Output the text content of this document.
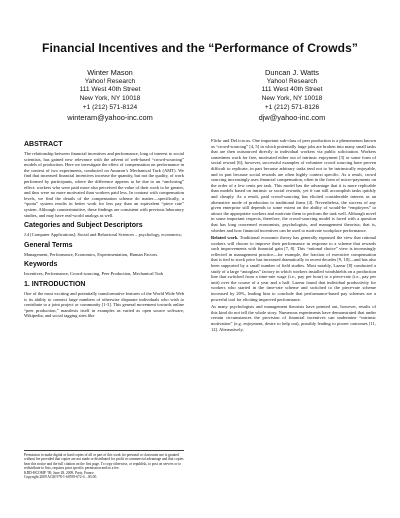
Financial Incentives and the “Performance of Crowds”
Winter Mason
Yahoo! Research
111 West 40th Street
New York, NY 10018
+1 (212) 571-8124
winteram@yahoo-inc.com
Duncan J. Watts
Yahoo! Research
111 West 40th Street
New York, NY 10018
+1 (212) 571-8126
djw@yahoo-inc.com
ABSTRACT
The relationship between financial incentives and performance, long of interest to social scientists, has gained new relevance with the advent of web-based “crowd-sourcing” models of production. Here we investigate the effect of compensation on performance in the context of two experiments, conducted on Amazon’s Mechanical Turk (AMT). We find that increased financial incentives increase the quantity, but not the quality, of work performed by participants, where the difference appears to be due to an “anchoring” effect: workers who were paid more also perceived the value of their work to be greater, and thus were no more motivated than workers paid less. In contrast with compensation levels, we find the details of the compensation scheme do matter—specifically, a “quota” system results in better work for less pay than an equivalent “piece rate” system. Although counterintuitive, these findings are consistent with previous laboratory studies, and may have real-world analogs as well.
Categories and Subject Descriptors
J.4 [Computer Applications]: Social and Behavioral Sciences – psychology, economics;
General Terms
Management, Performance, Economics, Experimentation, Human Factors.
Keywords
Incentives, Performance, Crowd-sourcing, Peer Production, Mechanical Turk
1. INTRODUCTION
One of the most exciting and potentially transformative features of the World Wide Web is its ability to connect large numbers of otherwise disparate individuals who wish to contribute to a joint project or community [1-3]. This general movement towards online “peer production,” manifests itself in examples as varied as open source software, Wikipedia, and social tagging sites like
Permission to make digital or hard copies of all or part of this work for personal or classroom use is granted without fee provided that copies are not made or distributed for profit or commercial advantage and that copies bear this notice and the full citation on the first page. To copy otherwise, or republish, to post on servers or to redistribute to lists, requires prior specific permission and/or a fee.
KDD-HCOMP ’09, June 28, 2009, Paris, France.
Copyright 2009 ACM 978-1-60558-672-4…$5.00.
Flickr and Del.icio.us. One important sub-class of peer production is a phenomenon known as “crowd-sourcing” [4, 5] in which potentially large jobs are broken into many small tasks that are then outsourced directly to individual workers via public solicitation. Workers sometimes work for free, motivated either out of intrinsic enjoyment [3] or some form of social reward [6]; however, successful examples of volunteer crowd sourcing have proven difficult to replicate, in part because arbitrary tasks tend not to be intrinsically enjoyable, and in part because social rewards are often highly context specific. As a result, crowd sourcing increasingly uses financial compensation, often in the form of micro-payments on the order of a few cents per task. This model has the advantage that it is more replicable than models based on intrinsic or social rewards, yet it can still accomplish tasks quickly and cheaply. As a result, paid crowd-sourcing has elicited considerable interest as an alternative mode of production to traditional firms [4]. Nevertheless, the success of any given enterprise still depends to some extent on the ability of would-be “employers” to attract the appropriate workers and motivate them to perform the task well. Although novel in some important respects, therefore, the crowd-sourcing model is faced with a question that has long concerned economists, psychologists, and management theorists; that is, whether and how financial incentives can be used to motivate workplace performance.
Related work. Traditional economic theory has generally espoused the view that rational workers will choose to improve their performance in response to a scheme that rewards such improvements with financial gain [7, 8]. This “rational choice” view is increasingly reflected in management practice—for example, the fraction of executive compensation that is tied to stock price has increased dramatically in recent decades [9, 10]—and has also been supported by a small number of field studies. Most notably, Lazear [8] conducted a study of a large “autoglass” factory in which workers installed windshields on a production line that switched from a time-rate wage (i.e., pay per hour) to a piece-rate (i.e., pay per unit) over the course of a year and a half. Lazear found that individual productivity for workers who started in the time-rate scheme and switched to the piece-rate scheme increased by 20%, leading him to conclude that performance-based pay schemes are a powerful tool for eliciting improved performance.
As many psychologists and management theorists have pointed out, however, results of this kind do not tell the whole story. Numerous experiments have demonstrated that under certain circumstances the provision of financial incentives can undermine “intrinsic motivation” (e.g. enjoyment, desire to help out), possibly leading to poorer outcomes [11, 12]. Alternatively,
